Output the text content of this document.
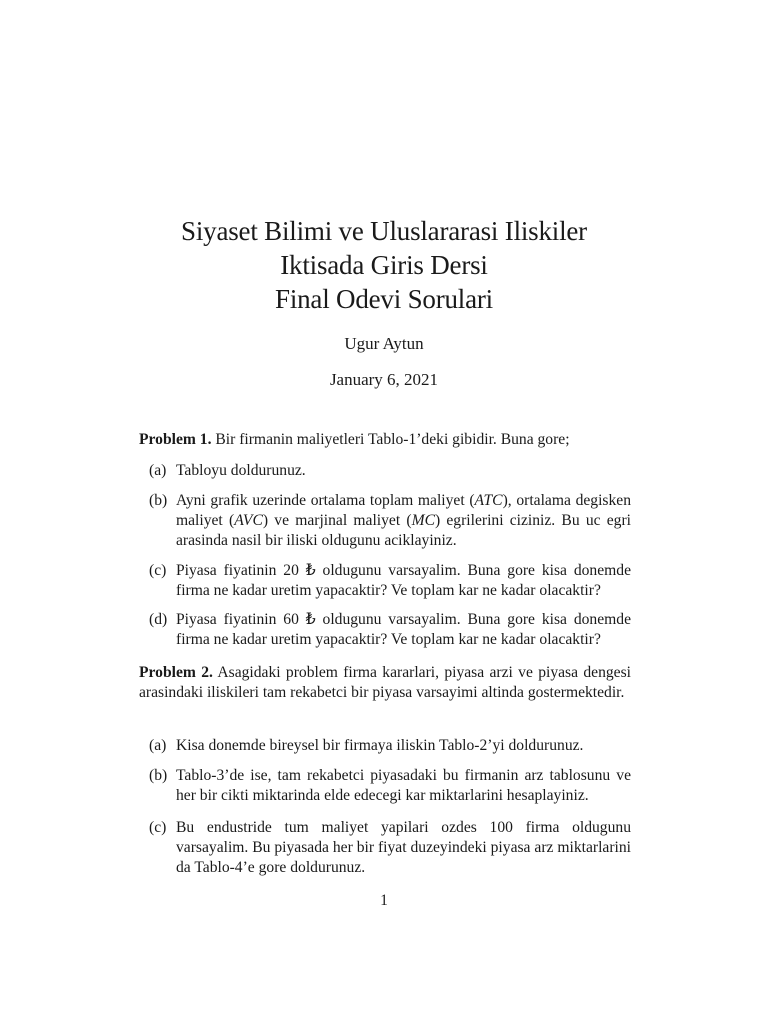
Siyaset Bilimi ve Uluslararasi Iliskiler
Iktisada Giris Dersi
Final Odevi Sorulari
Ugur Aytun
January 6, 2021
Problem 1. Bir firmanin maliyetleri Tablo-1’deki gibidir. Buna gore;
(a) Tabloyu doldurunuz.
(b) Ayni grafik uzerinde ortalama toplam maliyet (ATC), ortalama degisken maliyet (AVC) ve marjinal maliyet (MC) egrilerini ciziniz. Bu uc egri arasinda nasil bir iliski oldugunu aciklayiniz.
(c) Piyasa fiyatinin 20 ₺ oldugunu varsayalim. Buna gore kisa donemde firma ne kadar uretim yapacaktir? Ve toplam kar ne kadar olacaktir?
(d) Piyasa fiyatinin 60 ₺ oldugunu varsayalim. Buna gore kisa donemde firma ne kadar uretim yapacaktir? Ve toplam kar ne kadar olacaktir?
Problem 2. Asagidaki problem firma kararlari, piyasa arzi ve piyasa dengesi arasindaki iliskileri tam rekabetci bir piyasa varsayimi altinda gostermektedir.
(a) Kisa donemde bireysel bir firmaya iliskin Tablo-2’yi doldurunuz.
(b) Tablo-3’de ise, tam rekabetci piyasadaki bu firmanin arz tablosunu ve her bir cikti miktarinda elde edecegi kar miktarlarini hesaplayiniz.
(c) Bu endustride tum maliyet yapilari ozdes 100 firma oldugunu varsayalim. Bu piyasada her bir fiyat duzeyindeki piyasa arz miktarlarini da Tablo-4’e gore doldurunuz.
1
